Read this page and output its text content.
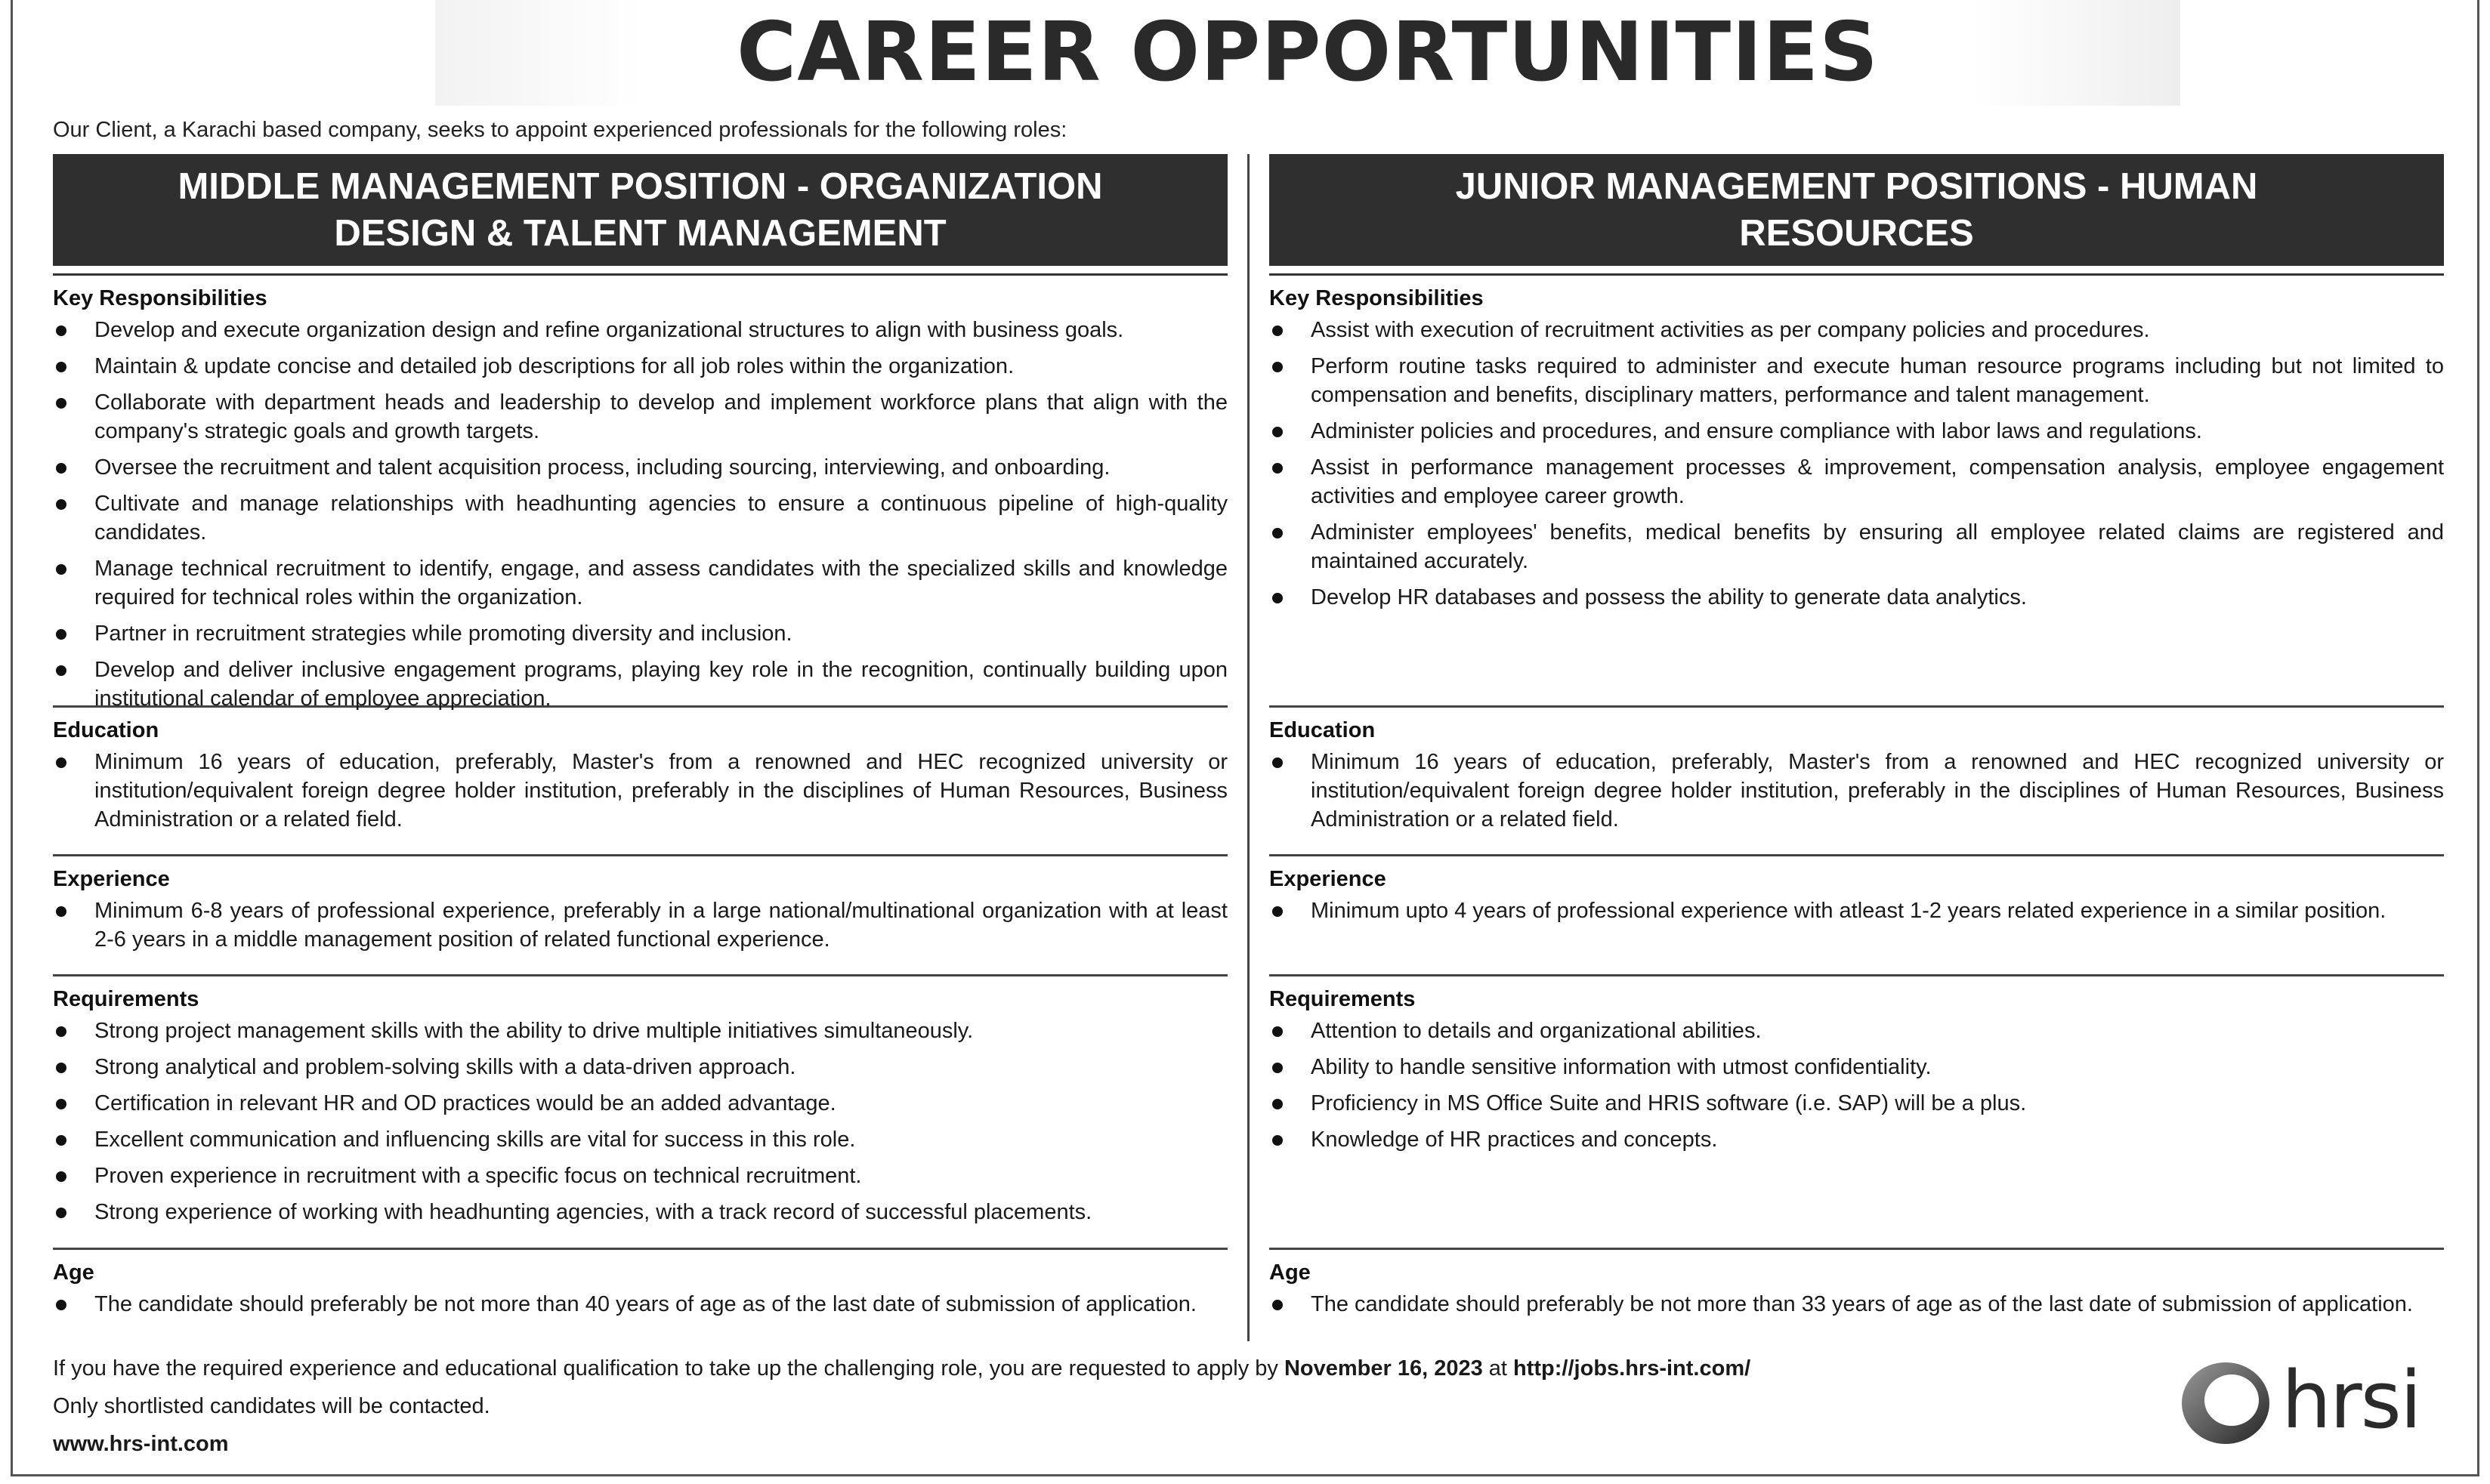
CAREER OPPORTUNITIES
Our Client, a Karachi based company, seeks to appoint experienced professionals for the following roles:
MIDDLE MANAGEMENT POSITION - ORGANIZATION
DESIGN & TALENT MANAGEMENT
Key Responsibilities
Develop and execute organization design and refine organizational structures to align with business goals.
Maintain & update concise and detailed job descriptions for all job roles within the organization.
Collaborate with department heads and leadership to develop and implement workforce plans that align with the company's strategic goals and growth targets.
Oversee the recruitment and talent acquisition process, including sourcing, interviewing, and onboarding.
Cultivate and manage relationships with headhunting agencies to ensure a continuous pipeline of high-quality candidates.
Manage technical recruitment to identify, engage, and assess candidates with the specialized skills and knowledge required for technical roles within the organization.
Partner in recruitment strategies while promoting diversity and inclusion.
Develop and deliver inclusive engagement programs, playing key role in the recognition, continually building upon institutional calendar of employee appreciation.
Education
Minimum 16 years of education, preferably, Master's from a renowned and HEC recognized university or institution/equivalent foreign degree holder institution, preferably in the disciplines of Human Resources, Business Administration or a related field.
Experience
Minimum 6-8 years of professional experience, preferably in a large national/multinational organization with at least 2-6 years in a middle management position of related functional experience.
Requirements
Strong project management skills with the ability to drive multiple initiatives simultaneously.
Strong analytical and problem-solving skills with a data-driven approach.
Certification in relevant HR and OD practices would be an added advantage.
Excellent communication and influencing skills are vital for success in this role.
Proven experience in recruitment with a specific focus on technical recruitment.
Strong experience of working with headhunting agencies, with a track record of successful placements.
Age
The candidate should preferably be not more than 40 years of age as of the last date of submission of application.
JUNIOR MANAGEMENT POSITIONS - HUMAN
RESOURCES
Key Responsibilities
Assist with execution of recruitment activities as per company policies and procedures.
Perform routine tasks required to administer and execute human resource programs including but not limited to compensation and benefits, disciplinary matters, performance and talent management.
Administer policies and procedures, and ensure compliance with labor laws and regulations.
Assist in performance management processes & improvement, compensation analysis, employee engagement activities and employee career growth.
Administer employees' benefits, medical benefits by ensuring all employee related claims are registered and maintained accurately.
Develop HR databases and possess the ability to generate data analytics.
Education
Minimum 16 years of education, preferably, Master's from a renowned and HEC recognized university or institution/equivalent foreign degree holder institution, preferably in the disciplines of Human Resources, Business Administration or a related field.
Experience
Minimum upto 4 years of professional experience with atleast 1-2 years related experience in a similar position.
Requirements
Attention to details and organizational abilities.
Ability to handle sensitive information with utmost confidentiality.
Proficiency in MS Office Suite and HRIS software (i.e. SAP) will be a plus.
Knowledge of HR practices and concepts.
Age
The candidate should preferably be not more than 33 years of age as of the last date of submission of application.

If you have the required experience and educational qualification to take up the challenging role, you are requested to apply by November 16, 2023 at http://jobs.hrs-int.com/

Only shortlisted candidates will be contacted.

www.hrs-int.com	hrsi
